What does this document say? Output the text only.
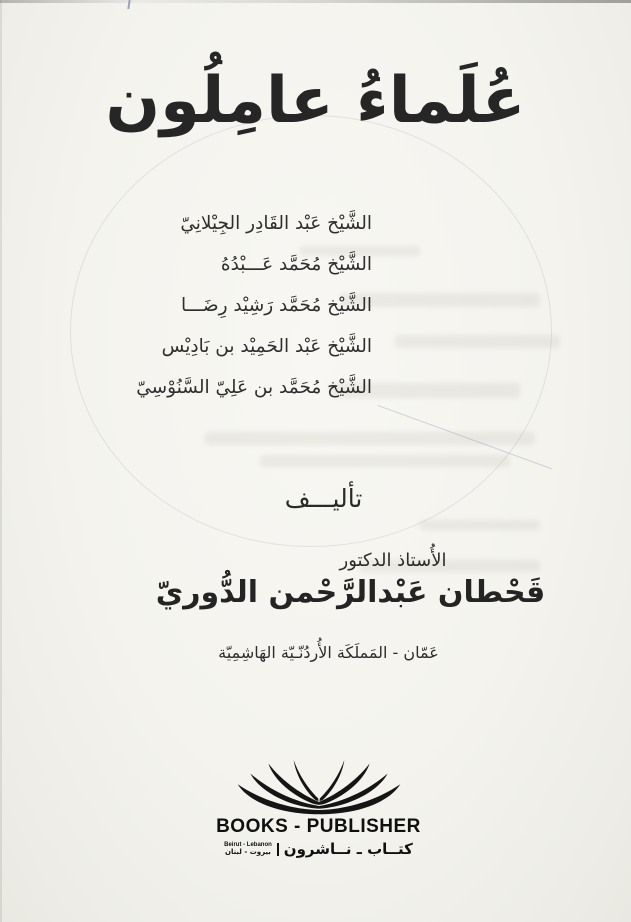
عُلَماءُ عامِلُون
الشَّيْخ عَبْد القَادِر الجِيْلانِيّ
الشَّيْخ مُحَمَّد عَـــبْدُهُ
الشَّيْخ مُحَمَّد رَشِيْد رِضَـــا
الشَّيْخ عَبْد الحَمِيْد بن بَادِيْس
الشَّيْخ مُحَمَّد بن عَلِيّ السَّنُوْسِيّ
تأليـــف
الأُستاذ الدكتور
قَحْطان عَبْدالرَّحْمن الدُّوريّ
عَمّان - المَملَكَة الأُردُنّـيّة الهَاشِمِيّة
BOOKS - PUBLISHER
Beirut - Lebanon
بيروت - لبنان كتــاب ـ نــاشرون
